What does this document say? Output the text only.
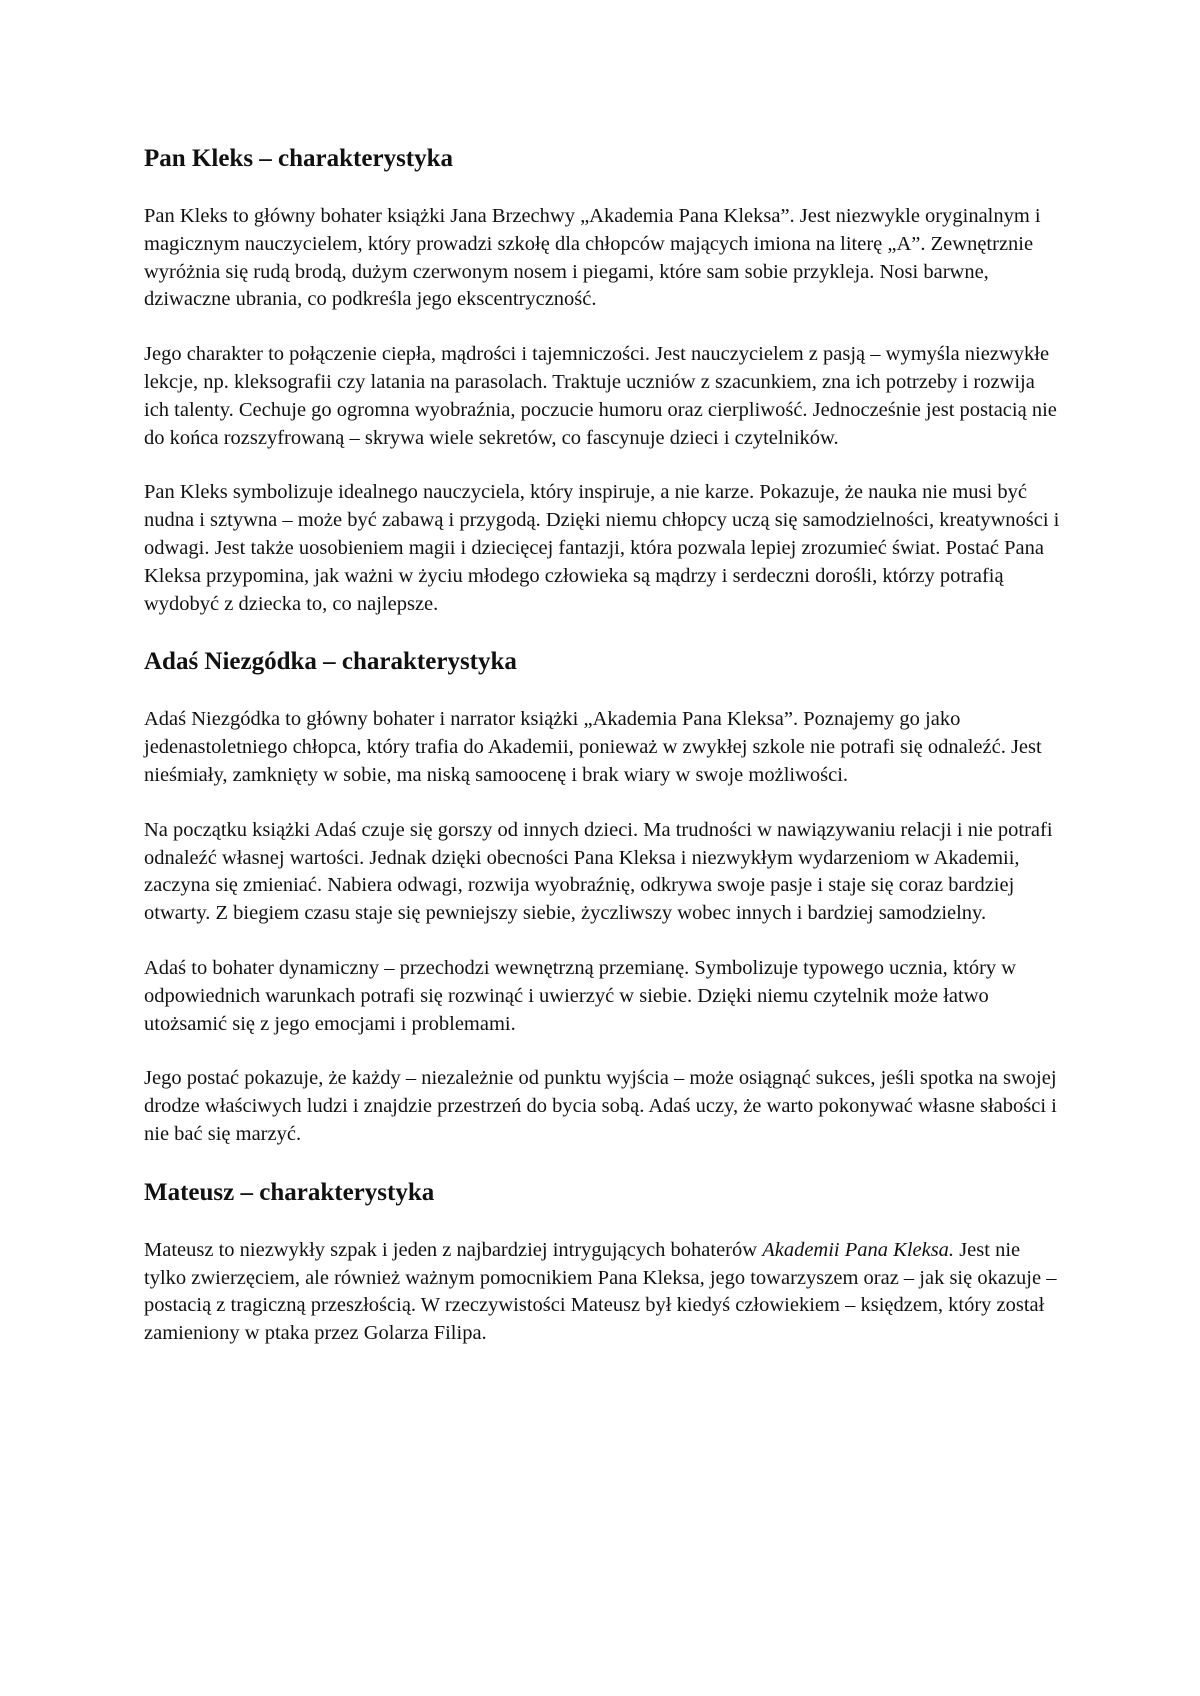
Pan Kleks – charakterystyka

Pan Kleks to główny bohater książki Jana Brzechwy „Akademia Pana Kleksa”. Jest niezwykle oryginalnym i magicznym nauczycielem, który prowadzi szkołę dla chłopców mających imiona na literę „A”. Zewnętrznie wyróżnia się rudą brodą, dużym czerwonym nosem i piegami, które sam sobie przykleja. Nosi barwne, dziwaczne ubrania, co podkreśla jego ekscentryczność.

Jego charakter to połączenie ciepła, mądrości i tajemniczości. Jest nauczycielem z pasją – wymyśla niezwykłe lekcje, np. kleksografii czy latania na parasolach. Traktuje uczniów z szacunkiem, zna ich potrzeby i rozwija ich talenty. Cechuje go ogromna wyobraźnia, poczucie humoru oraz cierpliwość. Jednocześnie jest postacią nie do końca rozszyfrowaną – skrywa wiele sekretów, co fascynuje dzieci i czytelników.

Pan Kleks symbolizuje idealnego nauczyciela, który inspiruje, a nie karze. Pokazuje, że nauka nie musi być nudna i sztywna – może być zabawą i przygodą. Dzięki niemu chłopcy uczą się samodzielności, kreatywności i odwagi. Jest także uosobieniem magii i dziecięcej fantazji, która pozwala lepiej zrozumieć świat. Postać Pana Kleksa przypomina, jak ważni w życiu młodego człowieka są mądrzy i serdeczni dorośli, którzy potrafią wydobyć z dziecka to, co najlepsze.

Adaś Niezgódka – charakterystyka

Adaś Niezgódka to główny bohater i narrator książki „Akademia Pana Kleksa”. Poznajemy go jako jedenastoletniego chłopca, który trafia do Akademii, ponieważ w zwykłej szkole nie potrafi się odnaleźć. Jest nieśmiały, zamknięty w sobie, ma niską samoocenę i brak wiary w swoje możliwości.

Na początku książki Adaś czuje się gorszy od innych dzieci. Ma trudności w nawiązywaniu relacji i nie potrafi odnaleźć własnej wartości. Jednak dzięki obecności Pana Kleksa i niezwykłym wydarzeniom w Akademii, zaczyna się zmieniać. Nabiera odwagi, rozwija wyobraźnię, odkrywa swoje pasje i staje się coraz bardziej otwarty. Z biegiem czasu staje się pewniejszy siebie, życzliwszy wobec innych i bardziej samodzielny.

Adaś to bohater dynamiczny – przechodzi wewnętrzną przemianę. Symbolizuje typowego ucznia, który w odpowiednich warunkach potrafi się rozwinąć i uwierzyć w siebie. Dzięki niemu czytelnik może łatwo utożsamić się z jego emocjami i problemami.

Jego postać pokazuje, że każdy – niezależnie od punktu wyjścia – może osiągnąć sukces, jeśli spotka na swojej drodze właściwych ludzi i znajdzie przestrzeń do bycia sobą. Adaś uczy, że warto pokonywać własne słabości i nie bać się marzyć.

Mateusz – charakterystyka

Mateusz to niezwykły szpak i jeden z najbardziej intrygujących bohaterów Akademii Pana Kleksa. Jest nie tylko zwierzęciem, ale również ważnym pomocnikiem Pana Kleksa, jego towarzyszem oraz – jak się okazuje – postacią z tragiczną przeszłością. W rzeczywistości Mateusz był kiedyś człowiekiem – księdzem, który został zamieniony w ptaka przez Golarza Filipa.
